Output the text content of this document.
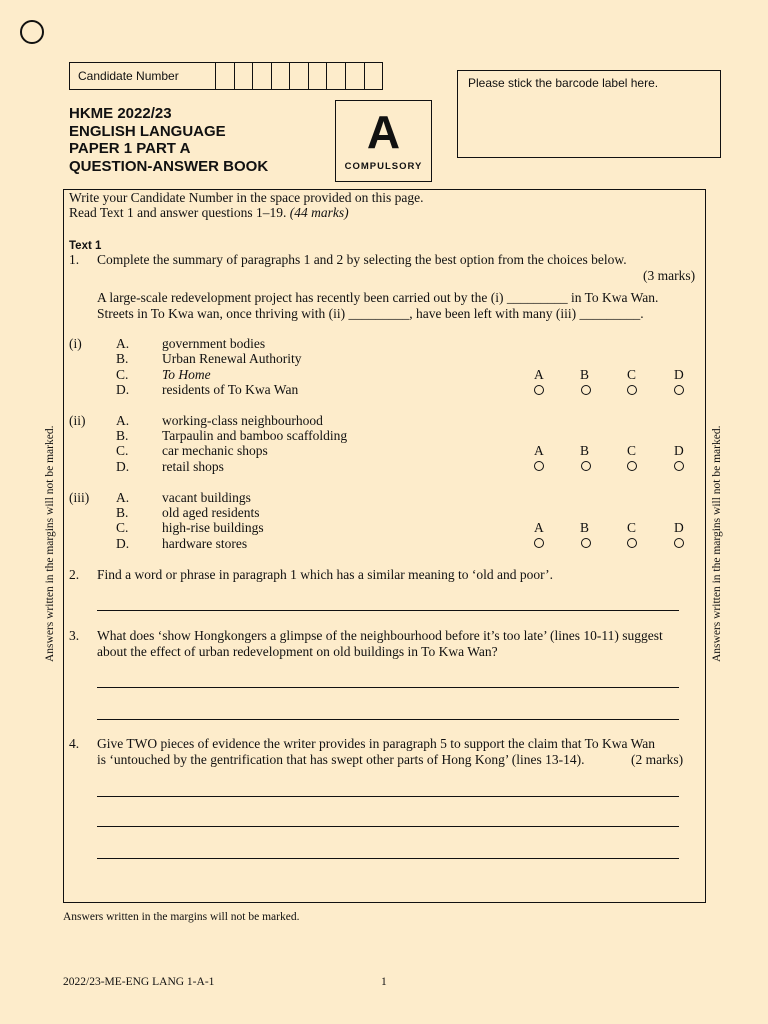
Candidate Number	Please stick the barcode label here.
HKME 2022/23
ENGLISH LANGUAGE
PAPER 1 PART A
QUESTION-ANSWER BOOK
A
COMPULSORY
Write your Candidate Number in the space provided on this page.
Read Text 1 and answer questions 1–19. (44 marks)
Text 1
1. Complete the summary of paragraphs 1 and 2 by selecting the best option from the choices below.
(3 marks)
A large-scale redevelopment project has recently been carried out by the (i) _________ in To Kwa Wan.
Streets in To Kwa wan, once thriving with (ii) _________, have been left with many (iii) _________.
(i)	A. government bodies
B. Urban Renewal Authority
C. To Home
D. residents of To Kwa Wan
A	B	C	D
(ii) A. working-class neighbourhood
B. Tarpaulin and bamboo scaffolding
C. car mechanic shops
D. retail shops
A	B	C	D
(iii) A. vacant buildings
B. old aged residents
C. high-rise buildings
D. hardware stores
A	B	C	D
2. Find a word or phrase in paragraph 1 which has a similar meaning to ‘old and poor’.
3. What does ‘show Hongkongers a glimpse of the neighbourhood before it’s too late’ (lines 10-11) suggest
about the effect of urban redevelopment on old buildings in To Kwa Wan?
4. Give TWO pieces of evidence the writer provides in paragraph 5 to support the claim that To Kwa Wan
is ‘untouched by the gentrification that has swept other parts of Hong Kong’ (lines 13-14).	(2 marks)
Answers written in the margins will not be marked.	Answers written in the margins will not be marked.
Answers written in the margins will not be marked.
2022/23-ME-ENG LANG 1-A-1	1
